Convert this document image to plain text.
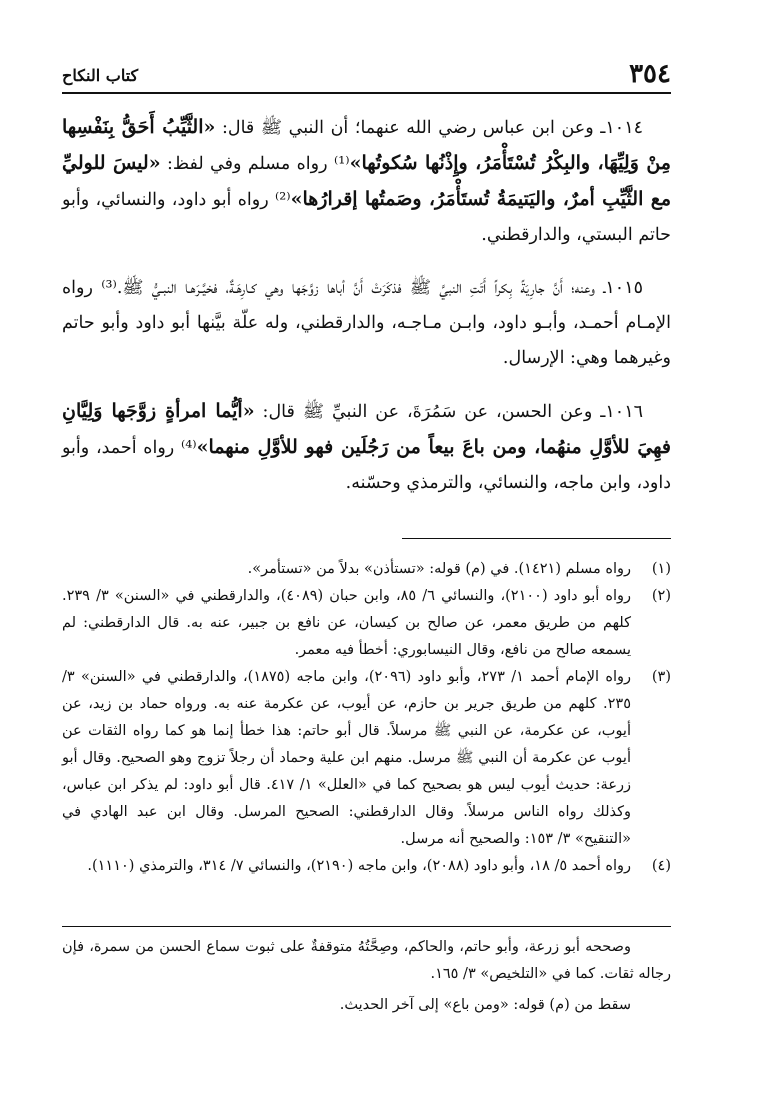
٣٥٤
كتاب النكاح

١٠١٤ـ وعن ابن عباس رضي الله عنهما؛ أن النبي ﷺ قال: «الثَّيِّبُ أَحَقُّ بِنَفْسِها مِنْ وَلِيِّهَا، والبِكْرُ تُسْتَأْمَرُ، وإِذْنُها سُكوتُها»⁽¹⁾ رواه مسلم وفي لفظ: «ليسَ للوليِّ مع الثَّيِّبِ أمرٌ، واليَتيمَةُ تُستَأْمَرُ، وصَمتُها إقرارُها»⁽²⁾ رواه أبو داود، والنسائي، وأبو حاتم البستي، والدارقطني.

١٠١٥ـ وعنه؛ أَنَّ جارِيَةً بِكراً أَتَتِ النبيَّ ﷺ فذكَرَتْ أَنَّ أباها زوَّجَها وهي كـارِهَـةٌ، فخيَّـرَهـا النبـيُّ ﷺ.⁽³⁾ رواه الإمـام أحمـد، وأبـو داود، وابـن مـاجـه، والدارقطني، وله علّة بيَّنها أبو داود وأبو حاتم وغيرهما وهي: الإرسال.

١٠١٦ـ وعن الحسن، عن سَمُرَةَ، عن النبيِّ ﷺ قال: «أيُّما امرأةٍ زوَّجَها وَلِيَّانِ فهِيَ للأوَّلِ منهُما، ومن باعَ بيعاً من رَجُلَين فهو للأوَّلِ منهما»⁽⁴⁾ رواه أحمد، وأبو داود، وابن ماجه، والنسائي، والترمذي وحسّنه.

(١)
رواه مسلم (١٤٢١). في (م) قوله: «تستأذن» بدلاً من «تستأمر».

(٢)
رواه أبو داود (٢١٠٠)، والنسائي ٦/ ٨٥، وابن حبان (٤٠٨٩)، والدارقطني في «السنن» ٣/ ٢٣٩. كلهم من طريق معمر، عن صالح بن كيسان، عن نافع بن جبير، عنه به. قال الدارقطني: لم يسمعه صالح من نافع، وقال النيسابوري: أخطأ فيه معمر.

(٣)
رواه الإمام أحمد ١/ ٢٧٣، وأبو داود (٢٠٩٦)، وابن ماجه (١٨٧٥)، والدارقطني في «السنن» ٣/ ٢٣٥. كلهم من طريق جرير بن حازم، عن أيوب، عن عكرمة عنه به. ورواه حماد بن زيد، عن أيوب، عن عكرمة، عن النبي ﷺ مرسلاً. قال أبو حاتم: هذا خطأ إنما هو كما رواه الثقات عن أيوب عن عكرمة أن النبي ﷺ مرسل. منهم ابن علية وحماد أن رجلاً تزوج وهو الصحيح. وقال أبو زرعة: حديث أيوب ليس هو بصحيح كما في «العلل» ١/ ٤١٧. قال أبو داود: لم يذكر ابن عباس، وكذلك رواه الناس مرسلاً. وقال الدارقطني: الصحيح المرسل. وقال ابن عبد الهادي في «التنقيح» ٣/ ١٥٣: والصحيح أنه مرسل.

(٤)
رواه أحمد ٥/ ١٨، وأبو داود (٢٠٨٨)، وابن ماجه (٢١٩٠)، والنسائي ٧/ ٣١٤، والترمذي (١١١٠).

وصححه أبو زرعة، وأبو حاتم، والحاكم، وصِحَّتُهُ متوقفةٌ على ثبوت سماع الحسن من سمرة، فإن رجاله ثقات. كما في «التلخيص» ٣/ ١٦٥.

سقط من (م) قوله: «ومن باع» إلى آخر الحديث.
